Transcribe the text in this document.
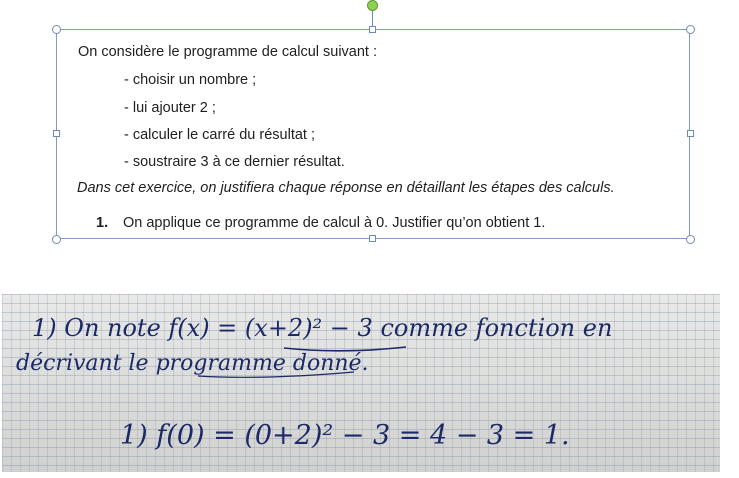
On considère le programme de calcul suivant :
- choisir un nombre ;
- lui ajouter 2 ;
- calculer le carré du résultat ;
- soustraire 3 à ce dernier résultat.
Dans cet exercice, on justifiera chaque réponse en détaillant les étapes des calculs.
1. On applique ce programme de calcul à 0. Justifier qu’on obtient 1.
1) On note f(x) = (x+2)² − 3 comme fonction en
décrivant le programme donné.
1) f(0) = (0+2)² − 3 = 4 − 3 = 1.
